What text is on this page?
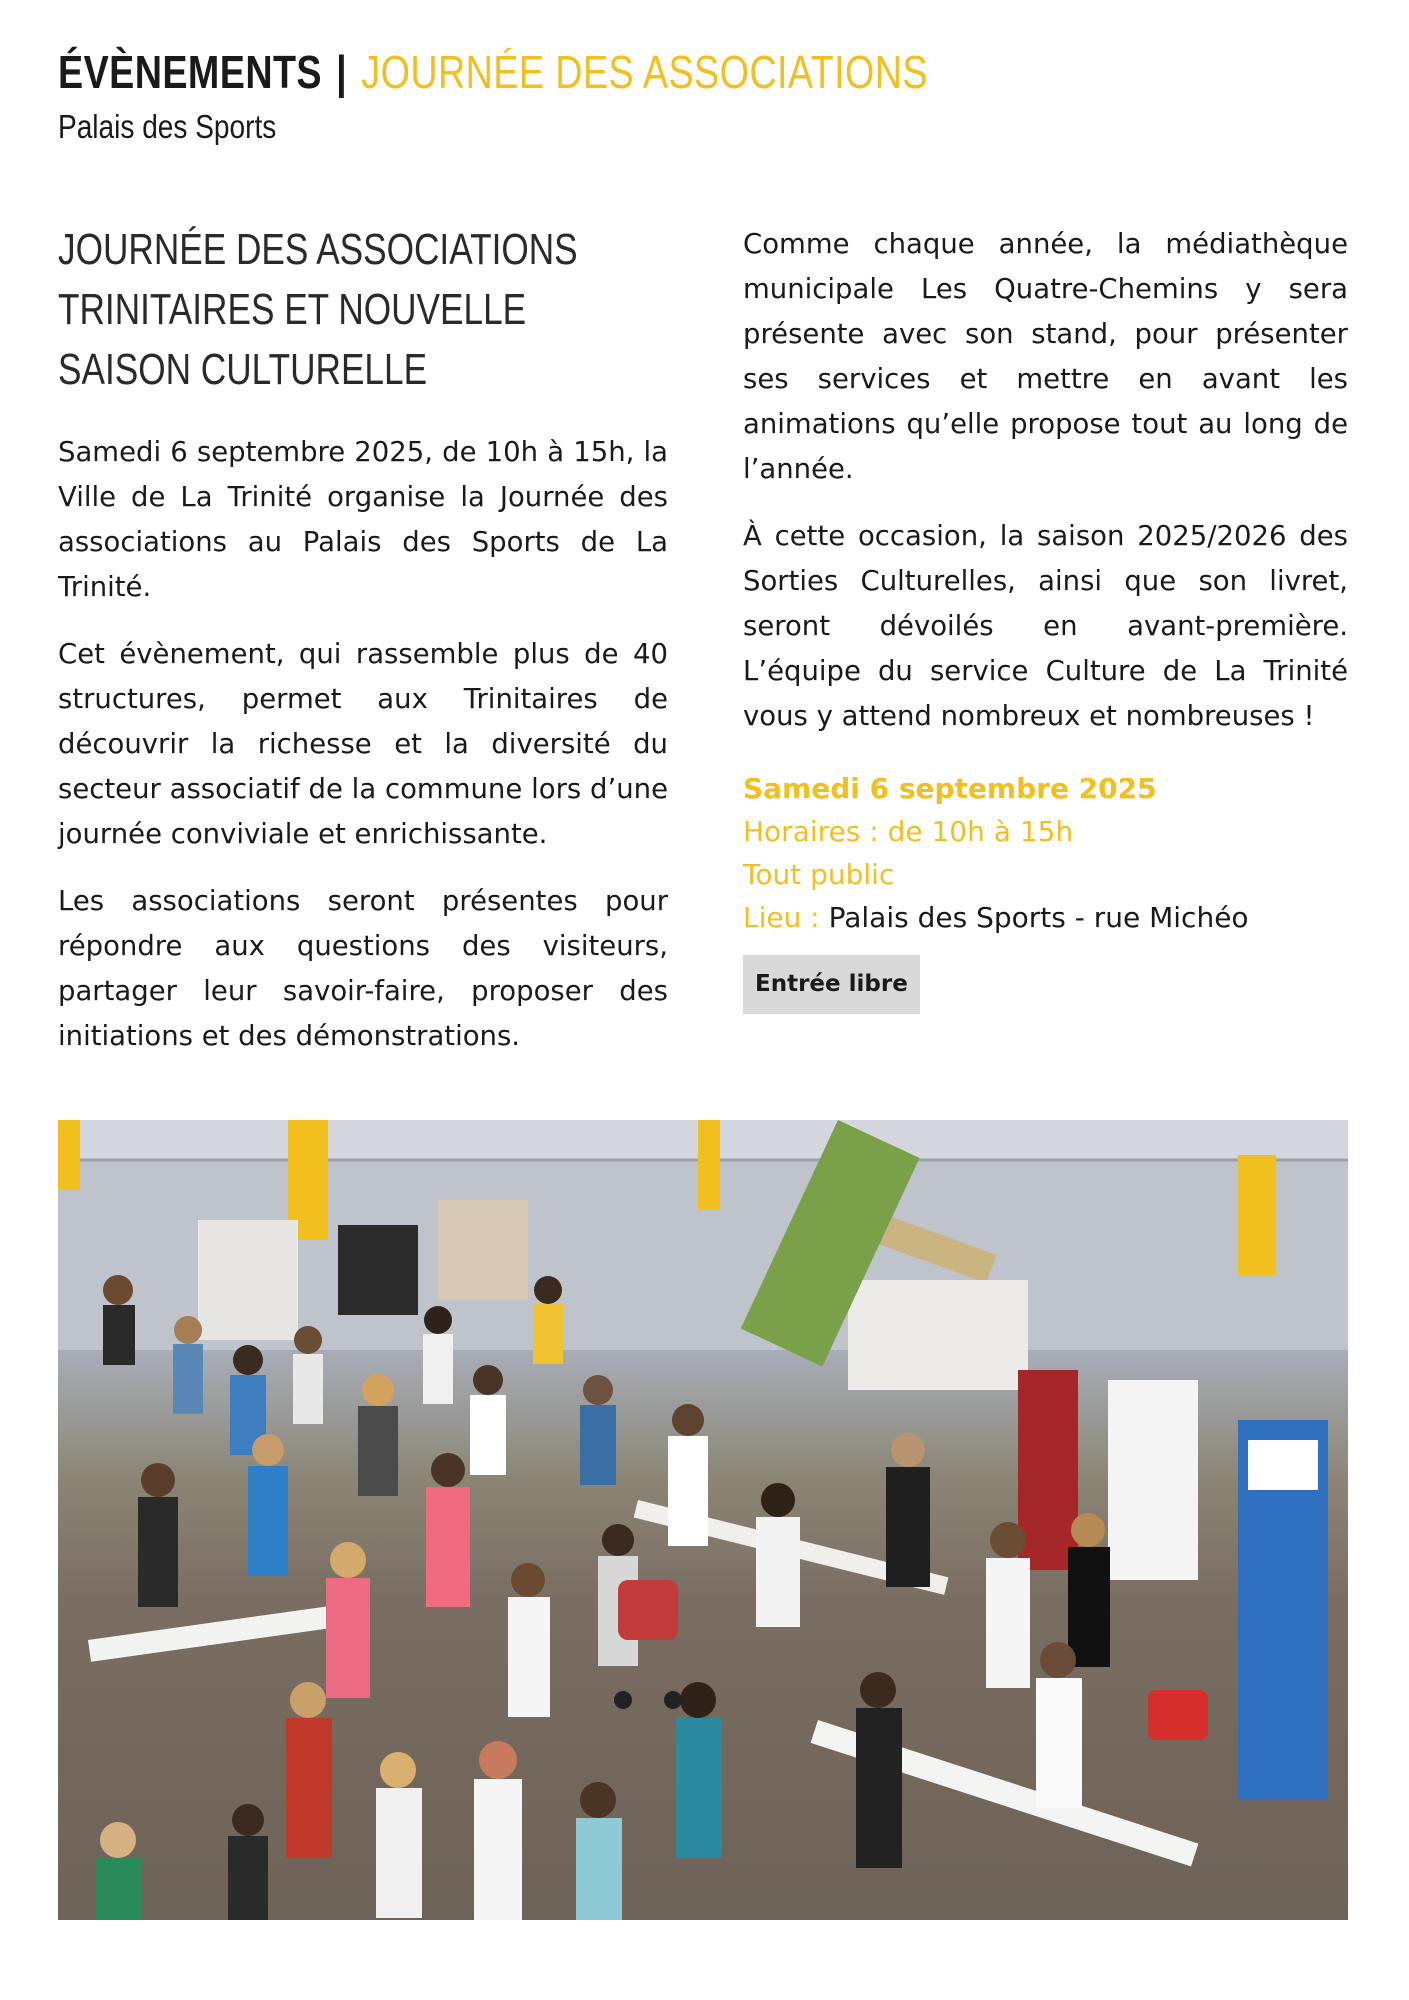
ÉVÈNEMENTS | JOURNÉE DES ASSOCIATIONS
Palais des Sports
JOURNÉE DES ASSOCIATIONS TRINITAIRES ET NOUVELLE SAISON CULTURELLE

Samedi 6 septembre 2025, de 10h à 15h, la Ville de La Trinité organise la Journée des associations au Palais des Sports de La Trinité.

Cet évènement, qui rassemble plus de 40 structures, permet aux Trinitaires de découvrir la richesse et la diversité du secteur associatif de la commune lors d’une journée conviviale et enrichissante.

Les associations seront présentes pour répondre aux questions des visiteurs, partager leur savoir-faire, proposer des initiations et des démonstrations.

Comme chaque année, la médiathèque municipale Les Quatre-Chemins y sera présente avec son stand, pour présenter ses services et mettre en avant les animations qu’elle propose tout au long de l’année.

À cette occasion, la saison 2025/2026 des Sorties Culturelles, ainsi que son livret, seront dévoilés en avant-première. L’équipe du service Culture de La Trinité vous y attend nombreux et nombreuses !

Samedi 6 septembre 2025
Horaires : de 10h à 15h
Tout public
Lieu : Palais des Sports - rue Michéo
Entrée libre
